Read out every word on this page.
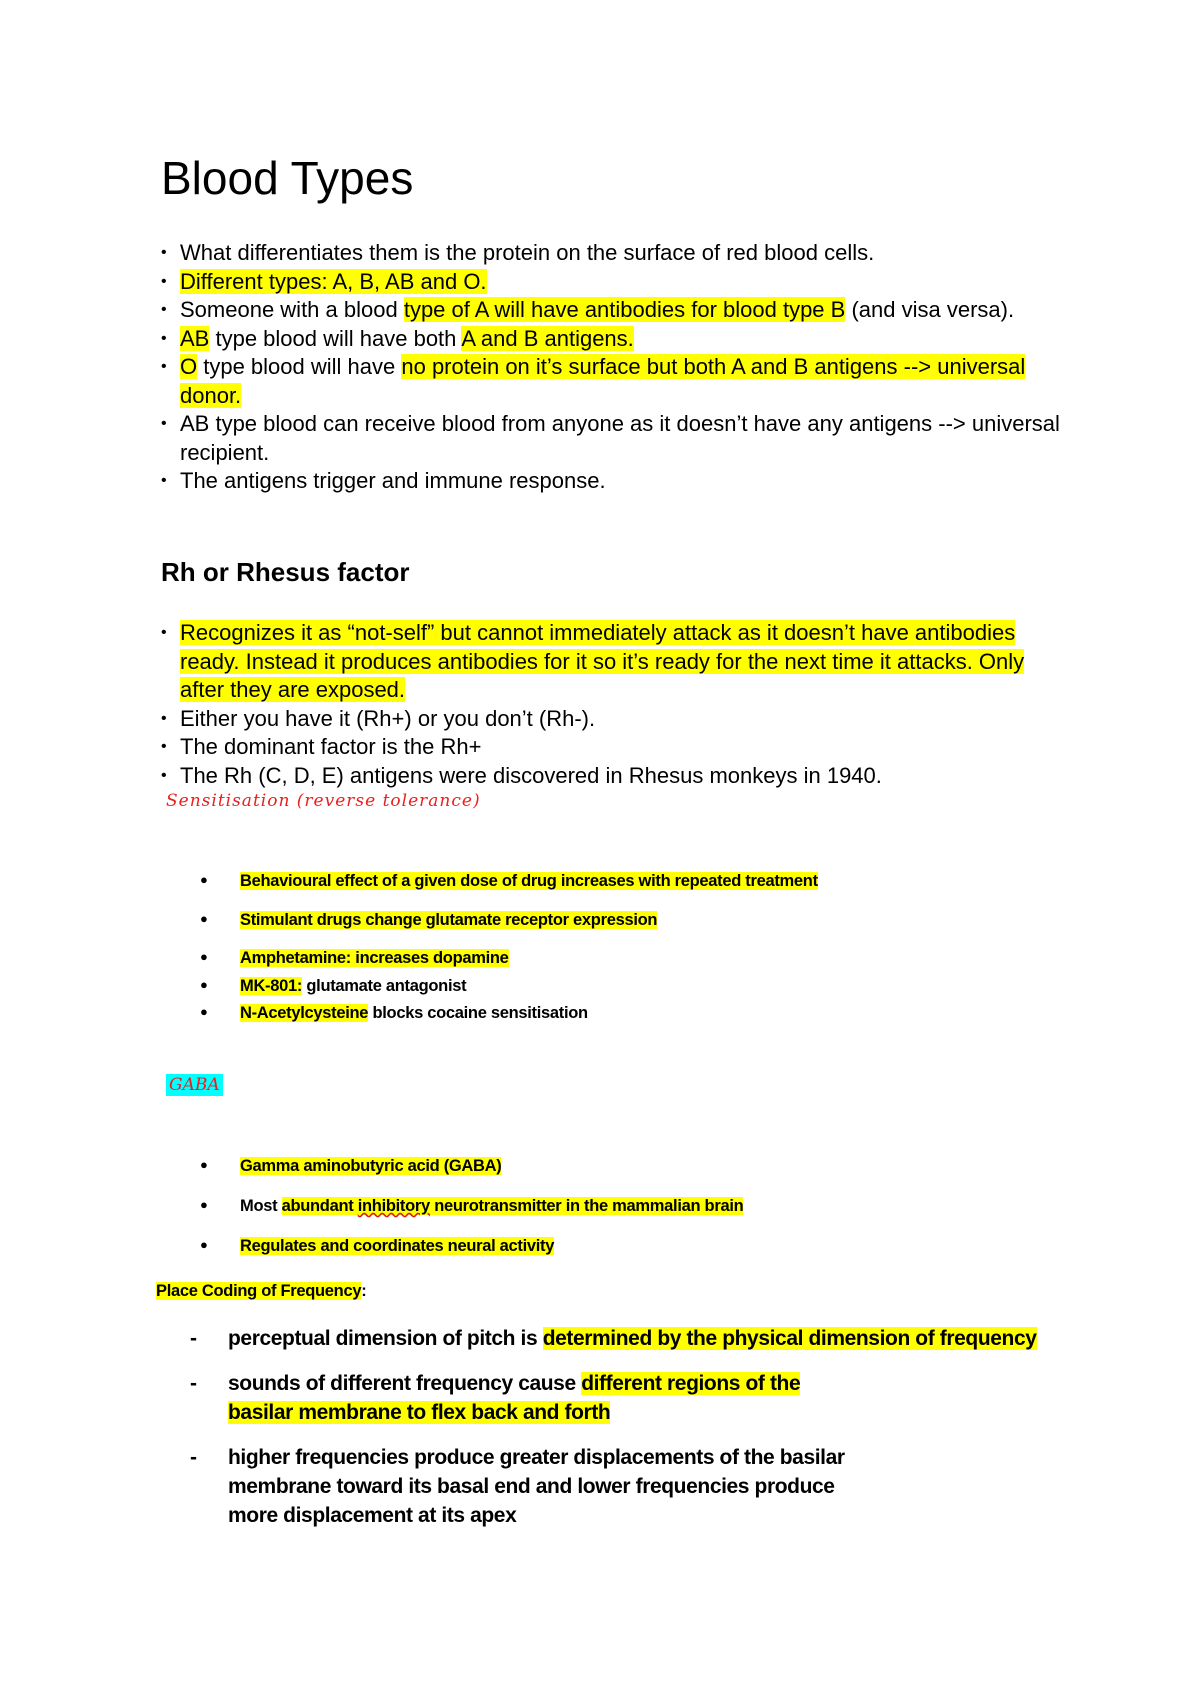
Blood Types
• What differentiates them is the protein on the surface of red blood cells.
• Different types: A, B, AB and O.
• Someone with a blood type of A will have antibodies for blood type B (and visa versa).
• AB type blood will have both A and B antigens.
• O type blood will have no protein on it’s surface but both A and B antigens --> universal donor.
• AB type blood can receive blood from anyone as it doesn’t have any antigens --> universal recipient.
• The antigens trigger and immune response.
Rh or Rhesus factor
• Recognizes it as “not-self” but cannot immediately attack as it doesn’t have antibodies ready. Instead it produces antibodies for it so it’s ready for the next time it attacks. Only after they are exposed.
• Either you have it (Rh+) or you don’t (Rh-).
• The dominant factor is the Rh+
• The Rh (C, D, E) antigens were discovered in Rhesus monkeys in 1940.
Sensitisation (reverse tolerance)
● Behavioural effect of a given dose of drug increases with repeated treatment
● Stimulant drugs change glutamate receptor expression
● Amphetamine: increases dopamine
● MK-801: glutamate antagonist
● N-Acetylcysteine blocks cocaine sensitisation
GABA
● Gamma aminobutyric acid (GABA)
● Most abundant inhibitory neurotransmitter in the mammalian brain
● Regulates and coordinates neural activity
Place Coding of Frequency:
- perceptual dimension of pitch is determined by the physical dimension of frequency
- sounds of different frequency cause different regions of the basilar membrane to flex back and forth
- higher frequencies produce greater displacements of the basilar membrane toward its basal end and lower frequencies produce more displacement at its apex
